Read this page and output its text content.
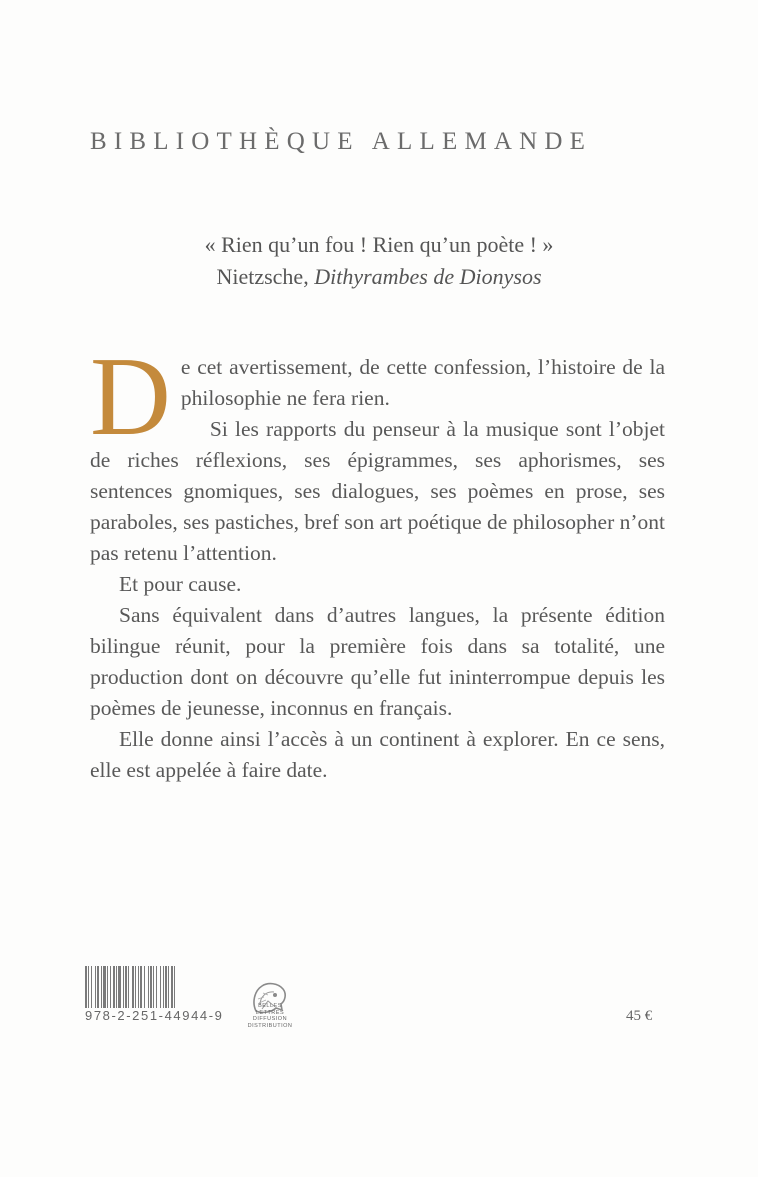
BIBLIOTHÈQUE ALLEMANDE
« Rien qu’un fou ! Rien qu’un poète ! »
Nietzsche, Dithyrambes de Dionysos

De cet avertissement, de cette confession, l’histoire de la philosophie ne fera rien.

Si les rapports du penseur à la musique sont l’objet de riches réflexions, ses épigrammes, ses aphorismes, ses sentences gnomiques, ses dialogues, ses poèmes en prose, ses paraboles, ses pastiches, bref son art poétique de philosopher n’ont pas retenu l’attention.

Et pour cause.

Sans équivalent dans d’autres langues, la présente édition bilingue réunit, pour la première fois dans sa totalité, une production dont on découvre qu’elle fut ininterrompue depuis les poèmes de jeunesse, inconnus en français.

Elle donne ainsi l’accès à un continent à explorer. En ce sens, elle est appelée à faire date.

978-2-251-44944-9
BELLES LETTRES
DIFFUSION
DISTRIBUTION
45 €
